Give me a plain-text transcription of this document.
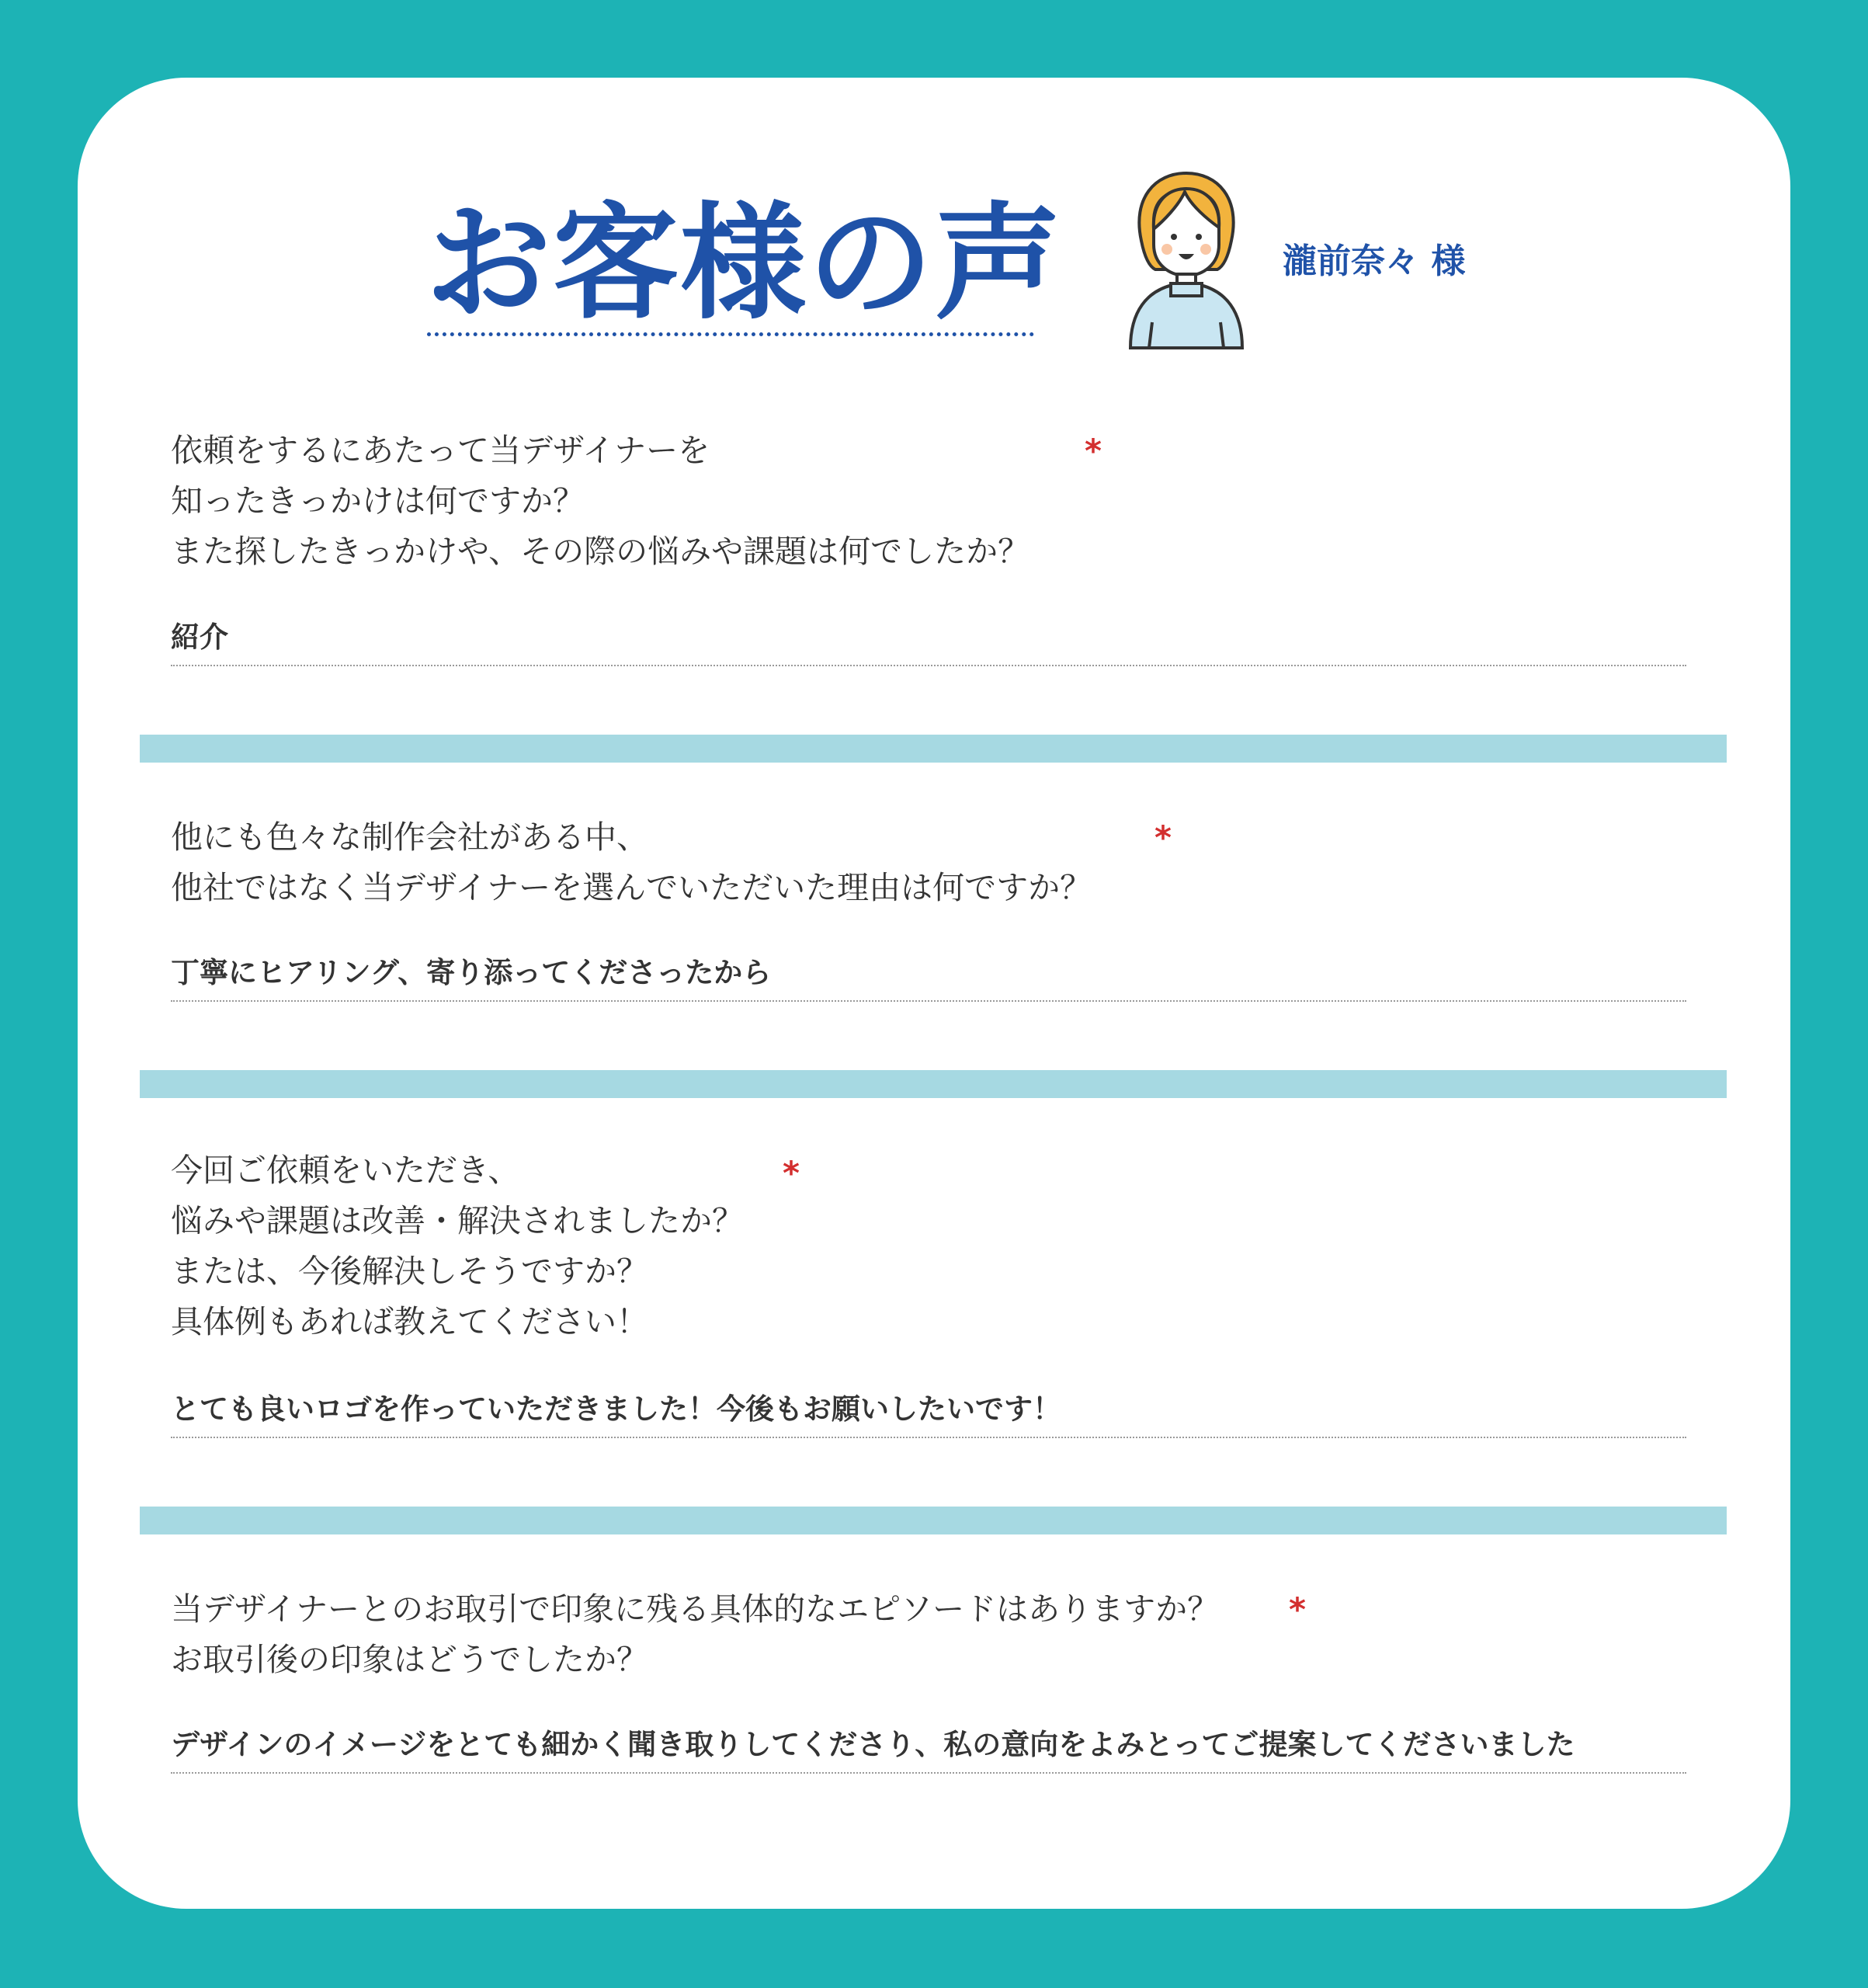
お客様の声	瀧前奈々 様
依頼をするにあたって当デザイナーを
知ったきっかけは何ですか？
また探したきっかけや、その際の悩みや課題は何でしたか？
*
紹介
他にも色々な制作会社がある中、
他社ではなく当デザイナーを選んでいただいた理由は何ですか？
*
丁寧にヒアリング、寄り添ってくださったから
今回ご依頼をいただき、
悩みや課題は改善・解決されましたか？
または、今後解決しそうですか？
具体例もあれば教えてください！
*
とても良いロゴを作っていただきました！今後もお願いしたいです！
当デザイナーとのお取引で印象に残る具体的なエピソードはありますか？
お取引後の印象はどうでしたか？
*
デザインのイメージをとても細かく聞き取りしてくださり、私の意向をよみとってご提案してくださいました
